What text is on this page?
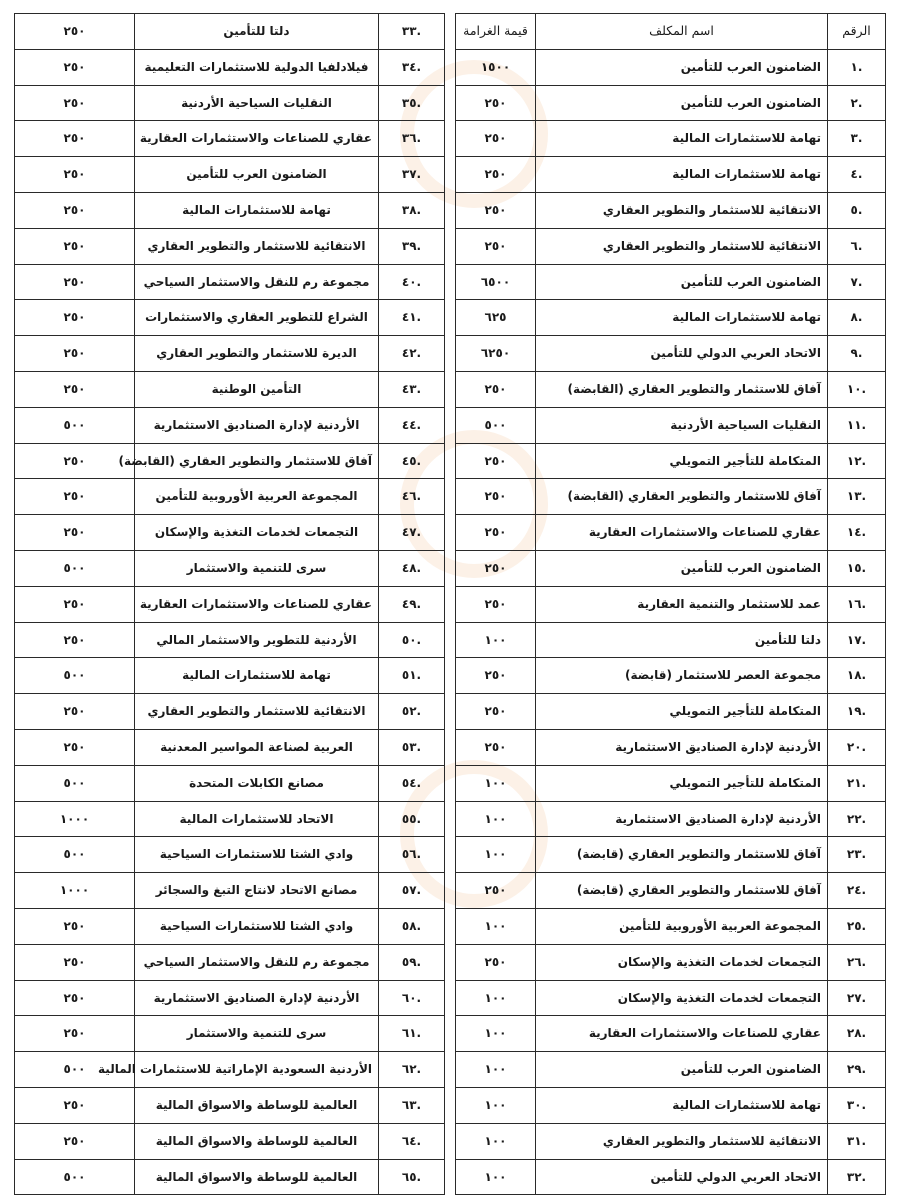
الرقم	اسم المكلف	قيمة الغرامة
.١	الضامنون العرب للتأمين	١٥٠٠
.٢	الضامنون العرب للتأمين	٢٥٠
.٣	تهامة للاستثمارات المالية	٢٥٠
.٤	تهامة للاستثمارات المالية	٢٥٠
.٥	الانتقائية للاستثمار والتطوير العقاري	٢٥٠
.٦	الانتقائية للاستثمار والتطوير العقاري	٢٥٠
.٧	الضامنون العرب للتأمين	٦٥٠٠
.٨	تهامة للاستثمارات المالية	٦٢٥
.٩	الاتحاد العربي الدولي للتأمين	٦٢٥٠
.١٠	آفاق للاستثمار والتطوير العقاري (القابضة)	٢٥٠
.١١	النقليات السياحية الأردنية	٥٠٠
.١٢	المتكاملة للتأجير التمويلي	٢٥٠
.١٣	آفاق للاستثمار والتطوير العقاري (القابضة)	٢٥٠
.١٤	عقاري للصناعات والاستثمارات العقارية	٢٥٠
.١٥	الضامنون العرب للتأمين	٢٥٠
.١٦	عمد للاستثمار والتنمية العقارية	٢٥٠
.١٧	دلتا للتأمين	١٠٠
.١٨	مجموعة العصر للاستثمار (قابضة)	٢٥٠
.١٩	المتكاملة للتأجير التمويلي	٢٥٠
.٢٠	الأردنية لإدارة الصناديق الاستثمارية	٢٥٠
.٢١	المتكاملة للتأجير التمويلي	١٠٠
.٢٢	الأردنية لإدارة الصناديق الاستثمارية	١٠٠
.٢٣	آفاق للاستثمار والتطوير العقاري (قابضة)	١٠٠
.٢٤	آفاق للاستثمار والتطوير العقاري (قابضة)	٢٥٠
.٢٥	المجموعة العربية الأوروبية للتأمين	١٠٠
.٢٦	التجمعات لخدمات التغذية والإسكان	٢٥٠
.٢٧	التجمعات لخدمات التغذية والإسكان	١٠٠
.٢٨	عقاري للصناعات والاستثمارات العقارية	١٠٠
.٢٩	الضامنون العرب للتأمين	١٠٠
.٣٠	تهامة للاستثمارات المالية	١٠٠
.٣١	الانتقائية للاستثمار والتطوير العقاري	١٠٠
.٣٢	الاتحاد العربي الدولي للتأمين	١٠٠
.٣٣	دلتا للتأمين	٢٥٠
.٣٤	فيلادلفيا الدولية للاستثمارات التعليمية	٢٥٠
.٣٥	النقليات السياحية الأردنية	٢٥٠
.٣٦	عقاري للصناعات والاستثمارات العقارية	٢٥٠
.٣٧	الضامنون العرب للتأمين	٢٥٠
.٣٨	تهامة للاستثمارات المالية	٢٥٠
.٣٩	الانتقائية للاستثمار والتطوير العقاري	٢٥٠
.٤٠	مجموعة رم للنقل والاستثمار السياحي	٢٥٠
.٤١	الشراع للتطوير العقاري والاستثمارات	٢٥٠
.٤٢	الديرة للاستثمار والتطوير العقاري	٢٥٠
.٤٣	التأمين الوطنية	٢٥٠
.٤٤	الأردنية لإدارة الصناديق الاستثمارية	٥٠٠
.٤٥	آفاق للاستثمار والتطوير العقاري (القابضة)	٢٥٠
.٤٦	المجموعة العربية الأوروبية للتأمين	٢٥٠
.٤٧	التجمعات لخدمات التغذية والإسكان	٢٥٠
.٤٨	سرى للتنمية والاستثمار	٥٠٠
.٤٩	عقاري للصناعات والاستثمارات العقارية	٢٥٠
.٥٠	الأردنية للتطوير والاستثمار المالي	٢٥٠
.٥١	تهامة للاستثمارات المالية	٥٠٠
.٥٢	الانتقائية للاستثمار والتطوير العقاري	٢٥٠
.٥٣	العربية لصناعة المواسير المعدنية	٢٥٠
.٥٤	مصانع الكابلات المتحدة	٥٠٠
.٥٥	الاتحاد للاستثمارات المالية	١٠٠٠
.٥٦	وادي الشتا للاستثمارات السياحية	٥٠٠
.٥٧	مصانع الاتحاد لانتاج التبغ والسجائر	١٠٠٠
.٥٨	وادي الشتا للاستثمارات السياحية	٢٥٠
.٥٩	مجموعة رم للنقل والاستثمار السياحي	٢٥٠
.٦٠	الأردنية لإدارة الصناديق الاستثمارية	٢٥٠
.٦١	سرى للتنمية والاستثمار	٢٥٠
.٦٢	الأردنية السعودية الإماراتية للاستثمارات المالية	٥٠٠
.٦٣	العالمية للوساطة والاسواق المالية	٢٥٠
.٦٤	العالمية للوساطة والاسواق المالية	٢٥٠
.٦٥	العالمية للوساطة والاسواق المالية	٥٠٠
